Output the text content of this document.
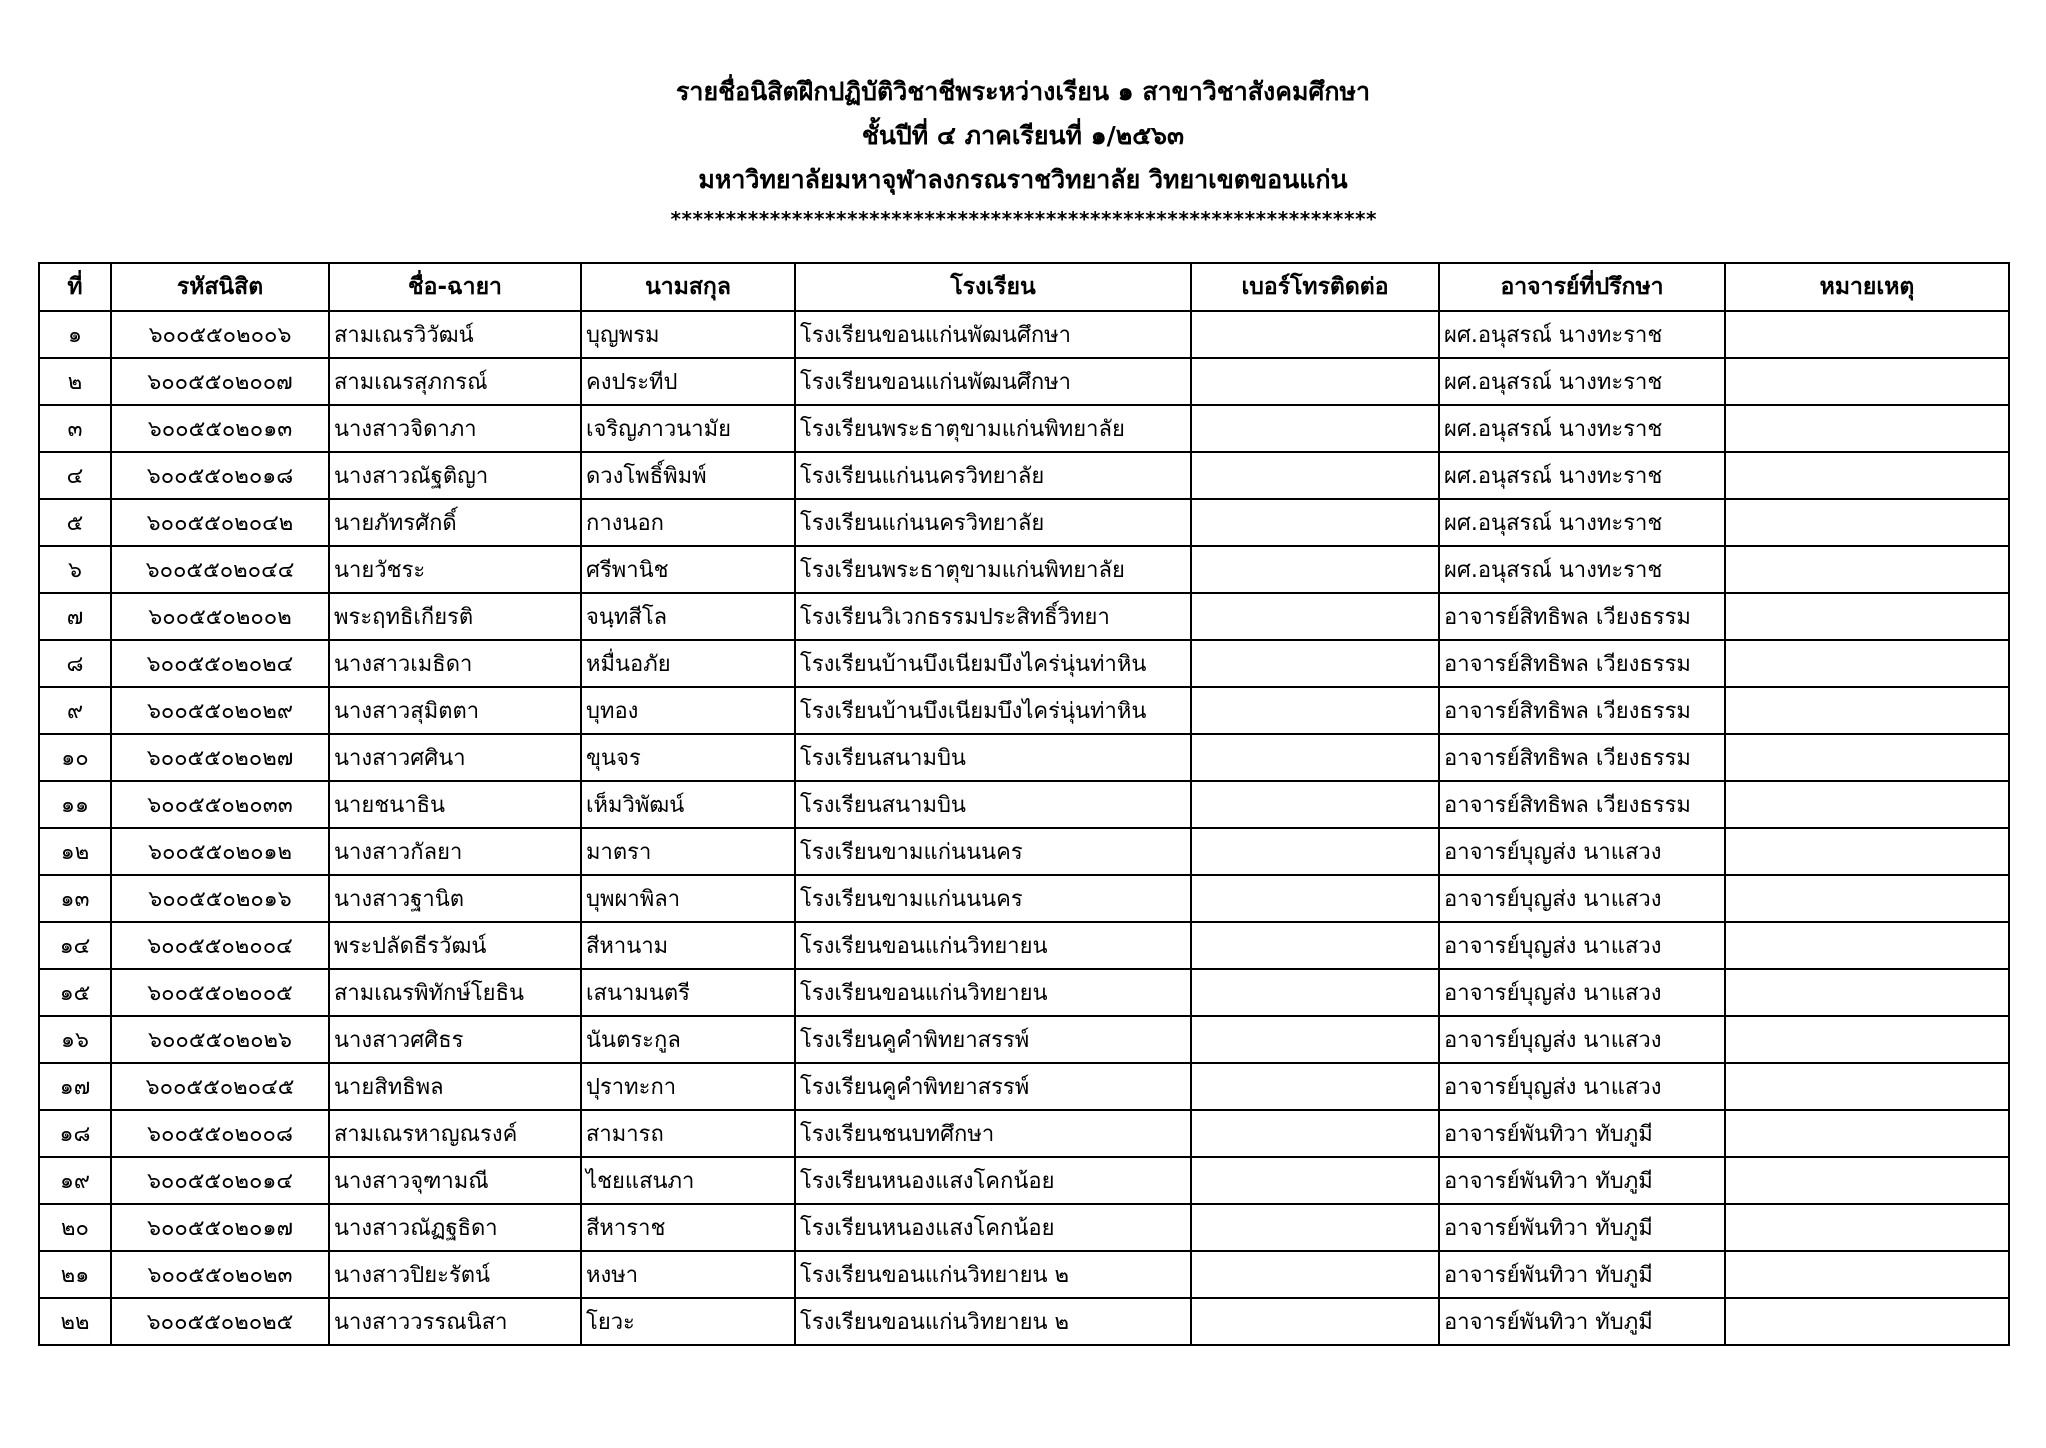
รายชื่อนิสิตฝึกปฏิบัติวิชาชีพระหว่างเรียน ๑ สาขาวิชาสังคมศึกษา
ชั้นปีที่ ๔ ภาคเรียนที่ ๑/๒๕๖๓
มหาวิทยาลัยมหาจุฬาลงกรณราชวิทยาลัย วิทยาเขตขอนแก่น
****************************************************************
ที่	รหัสนิสิต	ชื่อ-ฉายา	นามสกุล	โรงเรียน	เบอร์โทรติดต่อ	อาจารย์ที่ปรึกษา	หมายเหตุ
๑	๖๐๐๕๕๐๒๐๐๖	สามเณรวิวัฒน์	บุญพรม	โรงเรียนขอนแก่นพัฒนศึกษา		ผศ.อนุสรณ์ นางทะราช	
๒	๖๐๐๕๕๐๒๐๐๗	สามเณรสุภกรณ์	คงประทีป	โรงเรียนขอนแก่นพัฒนศึกษา		ผศ.อนุสรณ์ นางทะราช	
๓	๖๐๐๕๕๐๒๐๑๓	นางสาวจิดาภา	เจริญภาวนามัย	โรงเรียนพระธาตุขามแก่นพิทยาลัย		ผศ.อนุสรณ์ นางทะราช	
๔	๖๐๐๕๕๐๒๐๑๘	นางสาวณัฐติญา	ดวงโพธิ์พิมพ์	โรงเรียนแก่นนครวิทยาลัย		ผศ.อนุสรณ์ นางทะราช	
๕	๖๐๐๕๕๐๒๐๔๒	นายภัทรศักดิ์	กางนอก	โรงเรียนแก่นนครวิทยาลัย		ผศ.อนุสรณ์ นางทะราช	
๖	๖๐๐๕๕๐๒๐๔๔	นายวัชระ	ศรีพานิช	โรงเรียนพระธาตุขามแก่นพิทยาลัย		ผศ.อนุสรณ์ นางทะราช	
๗	๖๐๐๕๕๐๒๐๐๒	พระฤทธิเกียรติ	จนฺทสีโล	โรงเรียนวิเวกธรรมประสิทธิ์วิทยา		อาจารย์สิทธิพล เวียงธรรม	
๘	๖๐๐๕๕๐๒๐๒๔	นางสาวเมธิดา	หมื่นอภัย	โรงเรียนบ้านบึงเนียมบึงไคร่นุ่นท่าหิน		อาจารย์สิทธิพล เวียงธรรม	
๙	๖๐๐๕๕๐๒๐๒๙	นางสาวสุมิตตา	บุทอง	โรงเรียนบ้านบึงเนียมบึงไคร่นุ่นท่าหิน		อาจารย์สิทธิพล เวียงธรรม	
๑๐	๖๐๐๕๕๐๒๐๒๗	นางสาวศศินา	ขุนจร	โรงเรียนสนามบิน		อาจารย์สิทธิพล เวียงธรรม	
๑๑	๖๐๐๕๕๐๒๐๓๓	นายชนาธิน	เห็มวิพัฒน์	โรงเรียนสนามบิน		อาจารย์สิทธิพล เวียงธรรม	
๑๒	๖๐๐๕๕๐๒๐๑๒	นางสาวกัลยา	มาตรา	โรงเรียนขามแก่นนนคร		อาจารย์บุญส่ง นาแสวง	
๑๓	๖๐๐๕๕๐๒๐๑๖	นางสาวฐานิต	บุพผาพิลา	โรงเรียนขามแก่นนนคร		อาจารย์บุญส่ง นาแสวง	
๑๔	๖๐๐๕๕๐๒๐๐๔	พระปลัดธีรวัฒน์	สีหานาม	โรงเรียนขอนแก่นวิทยายน		อาจารย์บุญส่ง นาแสวง	
๑๕	๖๐๐๕๕๐๒๐๐๕	สามเณรพิทักษ์โยธิน	เสนามนตรี	โรงเรียนขอนแก่นวิทยายน		อาจารย์บุญส่ง นาแสวง	
๑๖	๖๐๐๕๕๐๒๐๒๖	นางสาวศศิธร	นันตระกูล	โรงเรียนคูคำพิทยาสรรพ์		อาจารย์บุญส่ง นาแสวง	
๑๗	๖๐๐๕๕๐๒๐๔๕	นายสิทธิพล	ปุราทะกา	โรงเรียนคูคำพิทยาสรรพ์		อาจารย์บุญส่ง นาแสวง	
๑๘	๖๐๐๕๕๐๒๐๐๘	สามเณรหาญณรงค์	สามารถ	โรงเรียนชนบทศึกษา		อาจารย์พันทิวา ทับภูมี	
๑๙	๖๐๐๕๕๐๒๐๑๔	นางสาวจุฑามณี	ไชยแสนภา	โรงเรียนหนองแสงโคกน้อย		อาจารย์พันทิวา ทับภูมี	
๒๐	๖๐๐๕๕๐๒๐๑๗	นางสาวณัฏฐธิดา	สีหาราช	โรงเรียนหนองแสงโคกน้อย		อาจารย์พันทิวา ทับภูมี	
๒๑	๖๐๐๕๕๐๒๐๒๓	นางสาวปิยะรัตน์	หงษา	โรงเรียนขอนแก่นวิทยายน ๒		อาจารย์พันทิวา ทับภูมี	
๒๒	๖๐๐๕๕๐๒๐๒๕	นางสาววรรณนิสา	โยวะ	โรงเรียนขอนแก่นวิทยายน ๒		อาจารย์พันทิวา ทับภูมี	
